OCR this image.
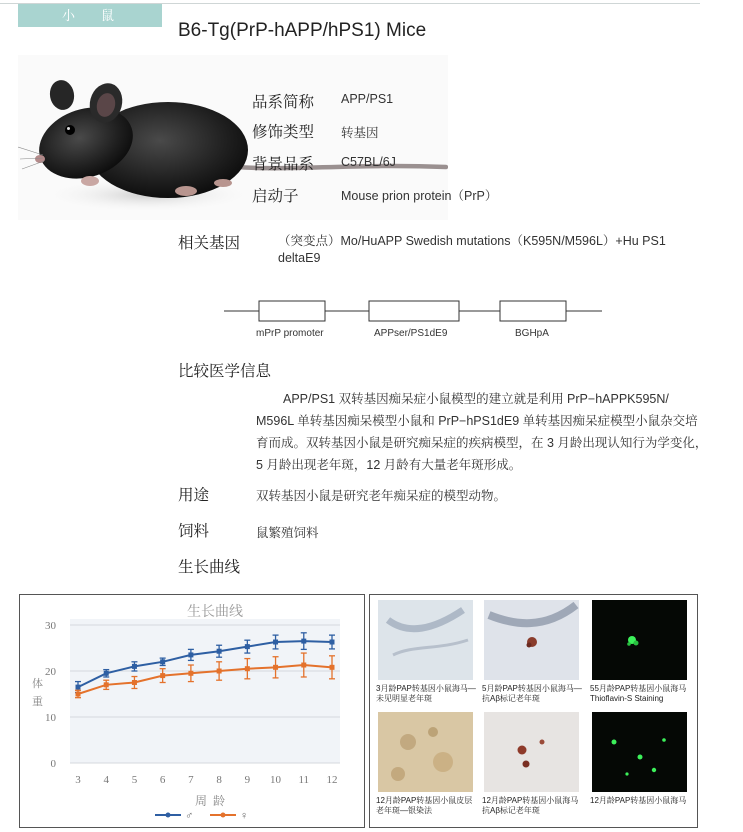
小鼠
B6-Tg(PrP-hAPP/hPS1) Mice
品系简称 APP/PS1
修饰类型 转基因
背景品系 C57BL/6J
启动子	Mouse prion protein（PrP）
相关基因	（突变点）Mo/HuAPP Swedish mutations（K595N/M596L）+Hu PS1
deltaE9
mPrP promoter	APPser/PS1dE9	BGHpA
比较医学信息
APP/PS1 双转基因痴呆症小鼠模型的建立就是利用 PrP−hAPPK595N/
M596L 单转基因痴呆模型小鼠和 PrP−hPS1dE9 单转基因痴呆症模型小鼠杂交培
育而成。双转基因小鼠是研究痴呆症的疾病模型，在 3 月龄出现认知行为学变化，
5 月龄出现老年斑，12 月龄有大量老年斑形成。
用途	双转基因小鼠是研究老年痴呆症的模型动物。
饲料	鼠繁殖饲料
生长曲线
0
10
20
30
3 4 5 6 7 8 9 10 11 12
生长曲线
体
重
周龄
♂	♀
3月龄PAP转基因小鼠海马—未见明显老年斑
5月龄PAP转基因小鼠海马—抗Aβ标记老年斑
55月龄PAP转基因小鼠海马 Thioflavin-S Staining
12月龄PAP转基因小鼠皮层老年斑—银染法
12月龄PAP转基因小鼠海马抗Aβ标记老年斑
12月龄PAP转基因小鼠海马
